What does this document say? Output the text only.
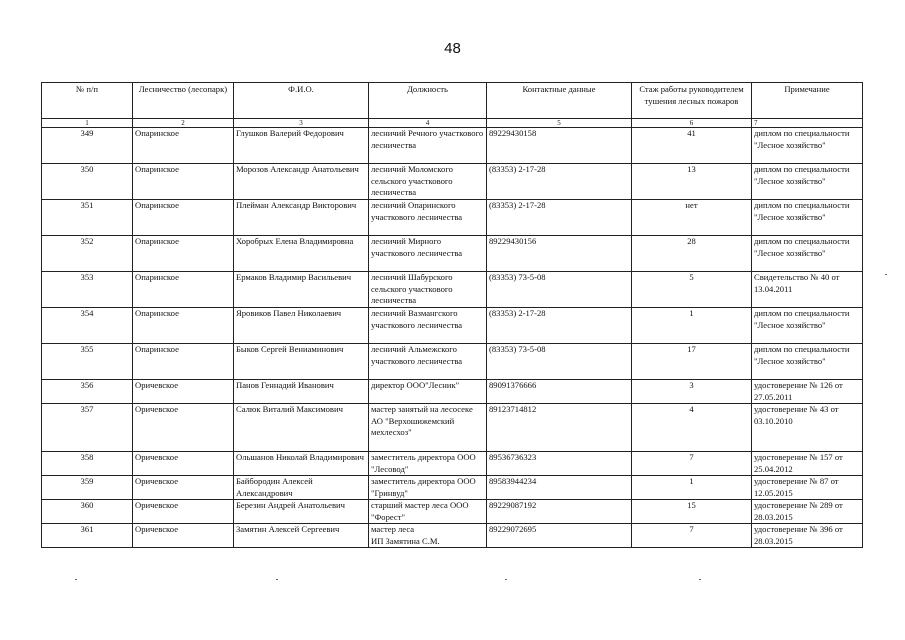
48
№ п/п	Лесничество (лесопарк)	Ф.И.О.	Должность	Контактные данные	Стаж работы руководителем тушения лесных пожаров	Примечание
1	2	3	4	5	6	7
349	Опаринское	Глушков Валерий Федорович	лесничий Речного участкового лесничества	89229430158	41	диплом по специальности "Лесное хозяйство"
350	Опаринское	Морозов Александр Анатольевич	лесничий Моломского сельского участкового лесничества	(83353) 2-17-28	13	диплом по специальности "Лесное хозяйство"
351	Опаринское	Плейман Александр Викторович	лесничий Опаринского участкового лесничества	(83353) 2-17-28	нет	диплом по специальности "Лесное хозяйство"
352	Опаринское	Хоробрых Елена Владимировна	лесничий Мирного участкового лесничества	89229430156	28	диплом по специальности "Лесное хозяйство"
353	Опаринское	Ермаков Владимир Васильевич	лесничий Шабурского сельского участкового лесничества	(83353) 73-5-08	5	Свидетельство № 40 от 13.04.2011
354	Опаринское	Яровиков Павел Николаевич	лесничий Вазмангского участкового лесничества	(83353) 2-17-28	1	диплом по специальности "Лесное хозяйство"
355	Опаринское	Быков Сергей Вениаминович	лесничий Альмежского участкового лесничества	(83353) 73-5-08	17	диплом по специальности "Лесное хозяйство"
356	Оричевское	Панов Геннадий Иванович	директор ООО"Лесник"	89091376666	3	удостоверение № 126 от 27.05.2011
357	Оричевское	Салюк Виталий Максимович	мастер занятый на лесосеке
АО "Верхошижемский мехлесхоз"	89123714812	4	удостоверение № 43 от 03.10.2010
358	Оричевское	Ольшанов Николай Владимирович	заместитель директора ООО "Лесовод"	89536736323	7	удостоверение № 157 от 25.04.2012
359	Оричевское	Байбородин Алексей Александрович	заместитель директора ООО "Гринвуд"	89583944234	1	удостоверение № 87 от 12.05.2015
360	Оричевское	Березин Андрей Анатольевич	старший мастер леса ООО "Форест"	89229087192	15	удостоверение № 289 от 28.03.2015
361	Оричевское	Замятин Алексей Сергеевич	мастер леса
ИП Замятина С.М.	89229072695	7	удостоверение № 396 от 28.03.2015
